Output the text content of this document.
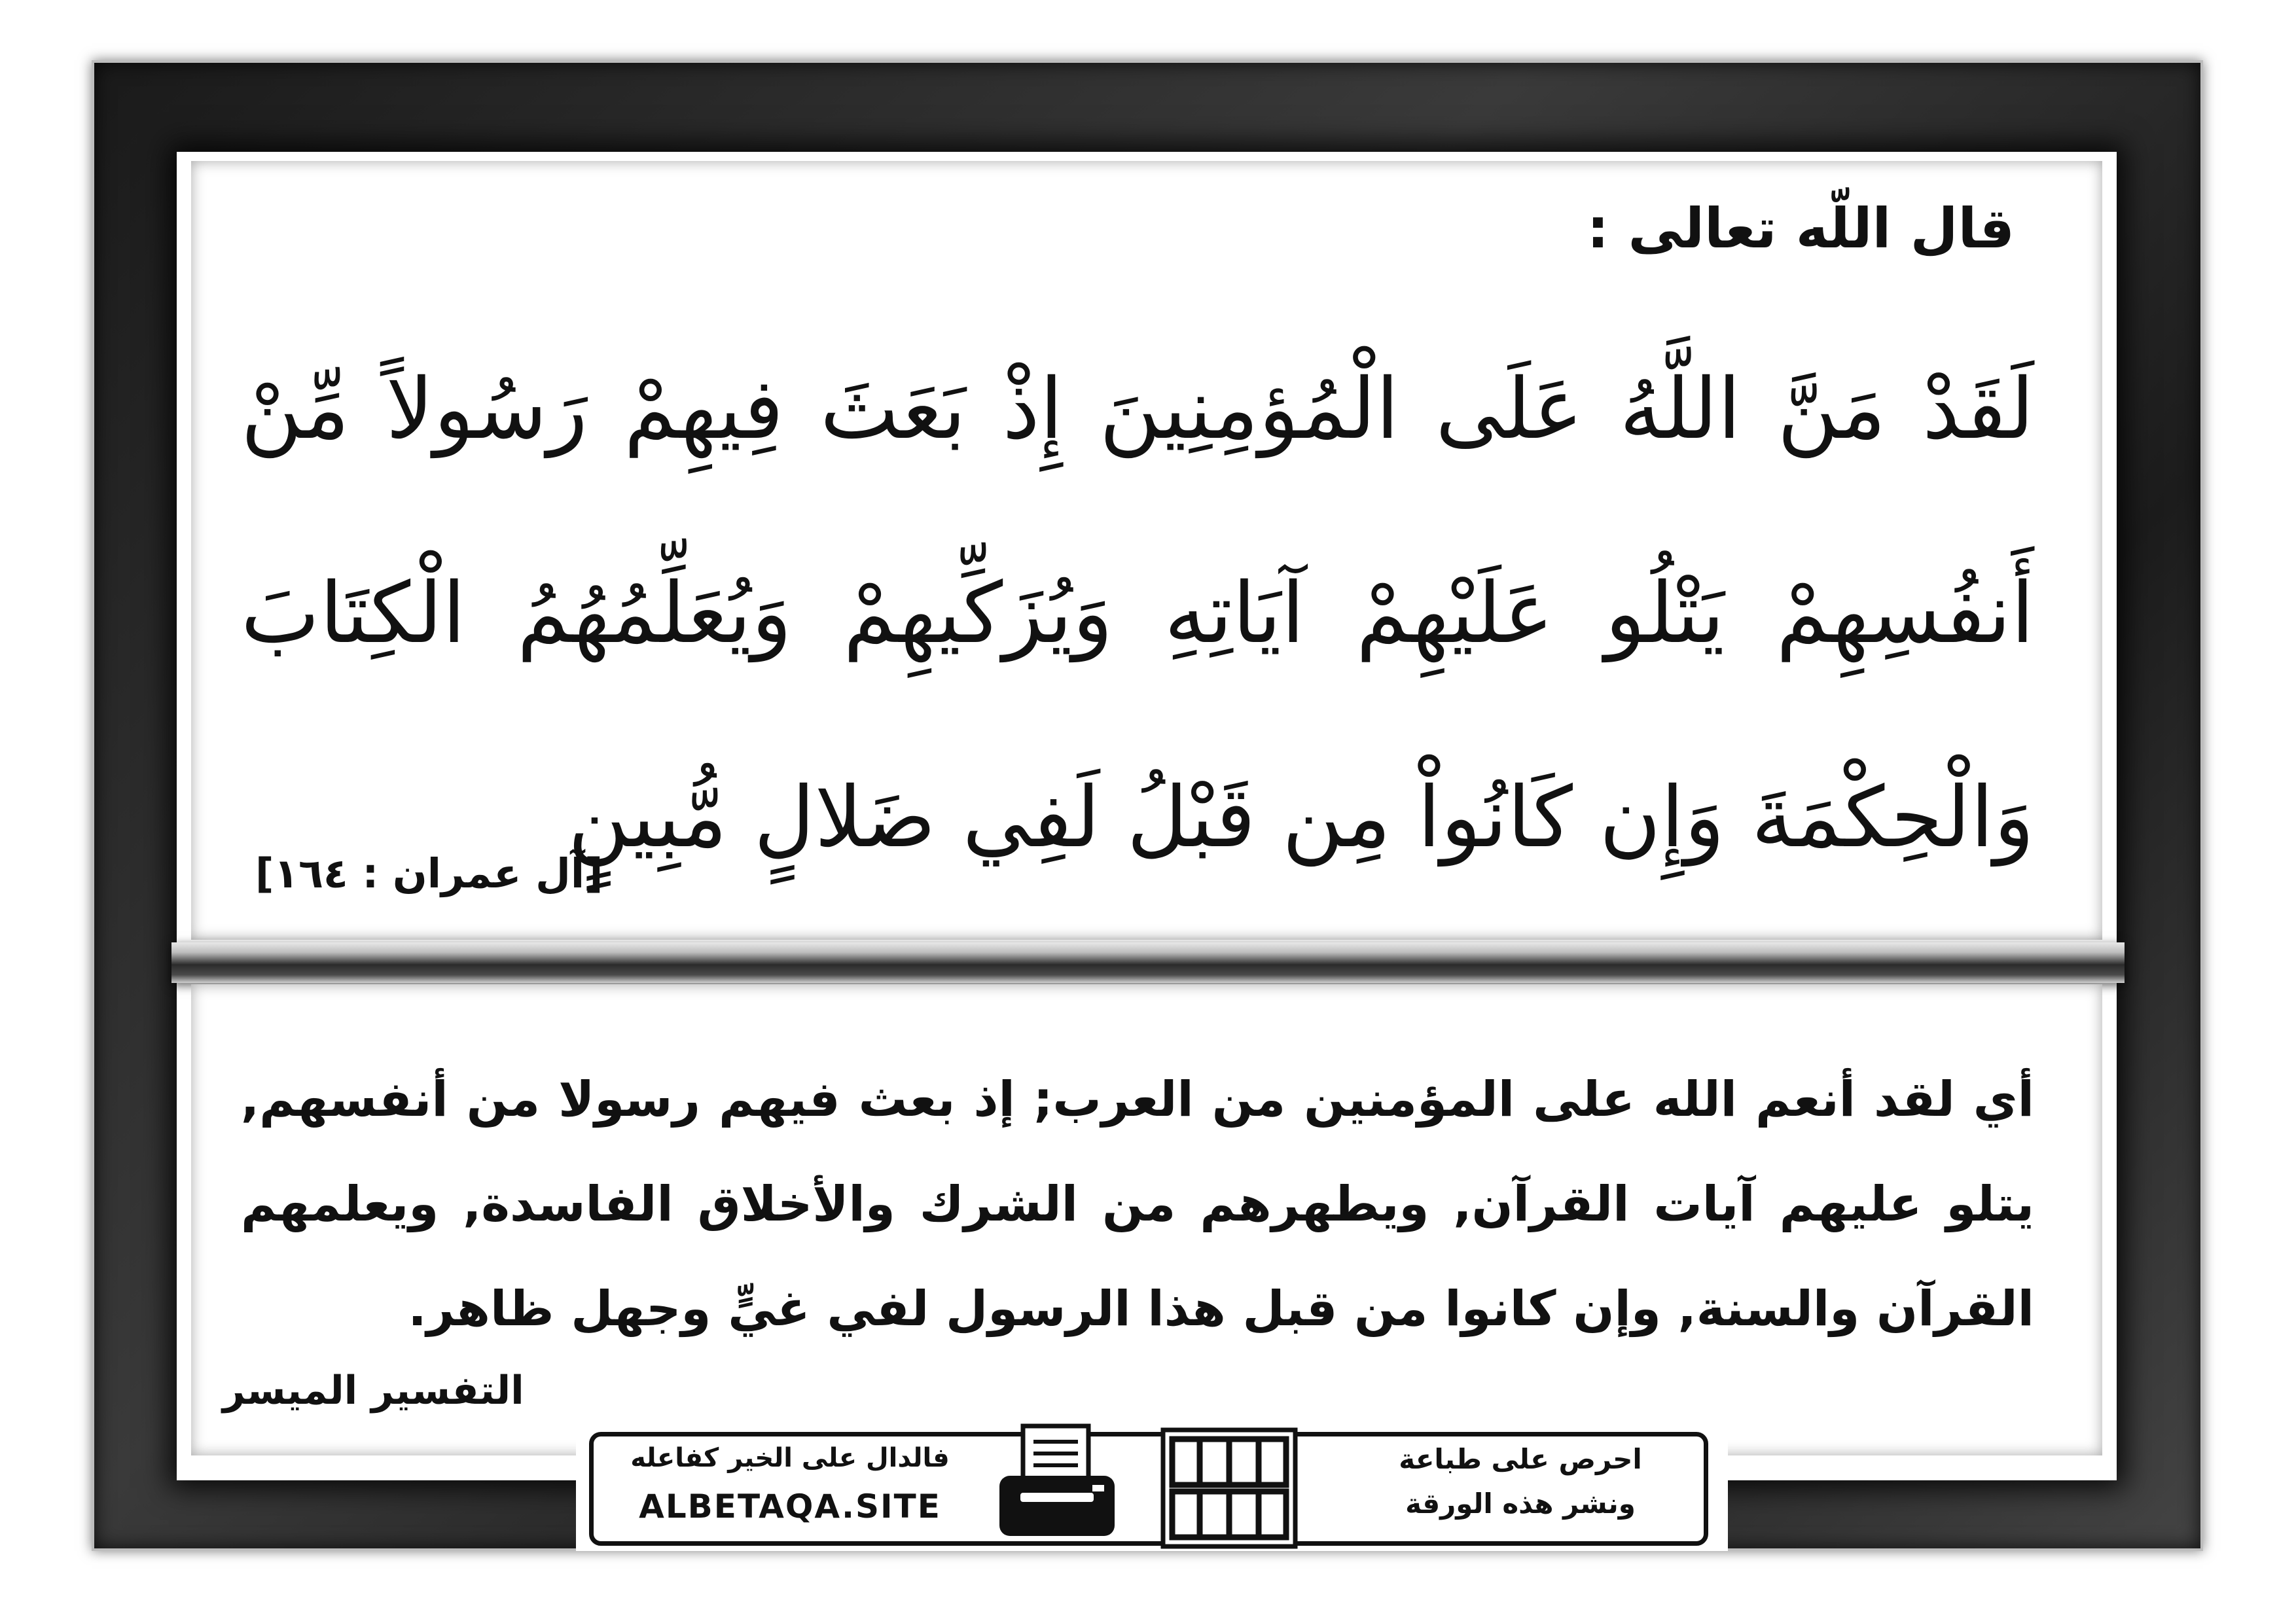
قال اللّه تعالى :
لَقَدْ مَنَّ اللَّهُ عَلَى الْمُؤمِنِينَ إِذْ بَعَثَ فِيهِمْ رَسُولاً مِّنْ أَنفُسِهِمْ يَتْلُو عَلَيْهِمْ آيَاتِهِ وَيُزَكِّيهِمْ وَيُعَلِّمُهُمُ الْكِتَابَ وَالْحِكْمَةَ وَإِن كَانُواْ مِن قَبْلُ لَفِي ضَلالٍ مُّبِينٍ
[آل عمران : ١٦٤]
أي لقد أنعم الله على المؤمنين من العرب; إذ بعث فيهم رسولا من أنفسهم, يتلو عليهم آيات القرآن, ويطهرهم من الشرك والأخلاق الفاسدة, ويعلمهم القرآن والسنة, وإن كانوا من قبل هذا الرسول لفي غيٍّ وجهل ظاهر.
التفسير الميسر
احرص على طباعة
ونشر هذه الورقة
فالدال على الخير كفاعله
ALBETAQA.SITE
